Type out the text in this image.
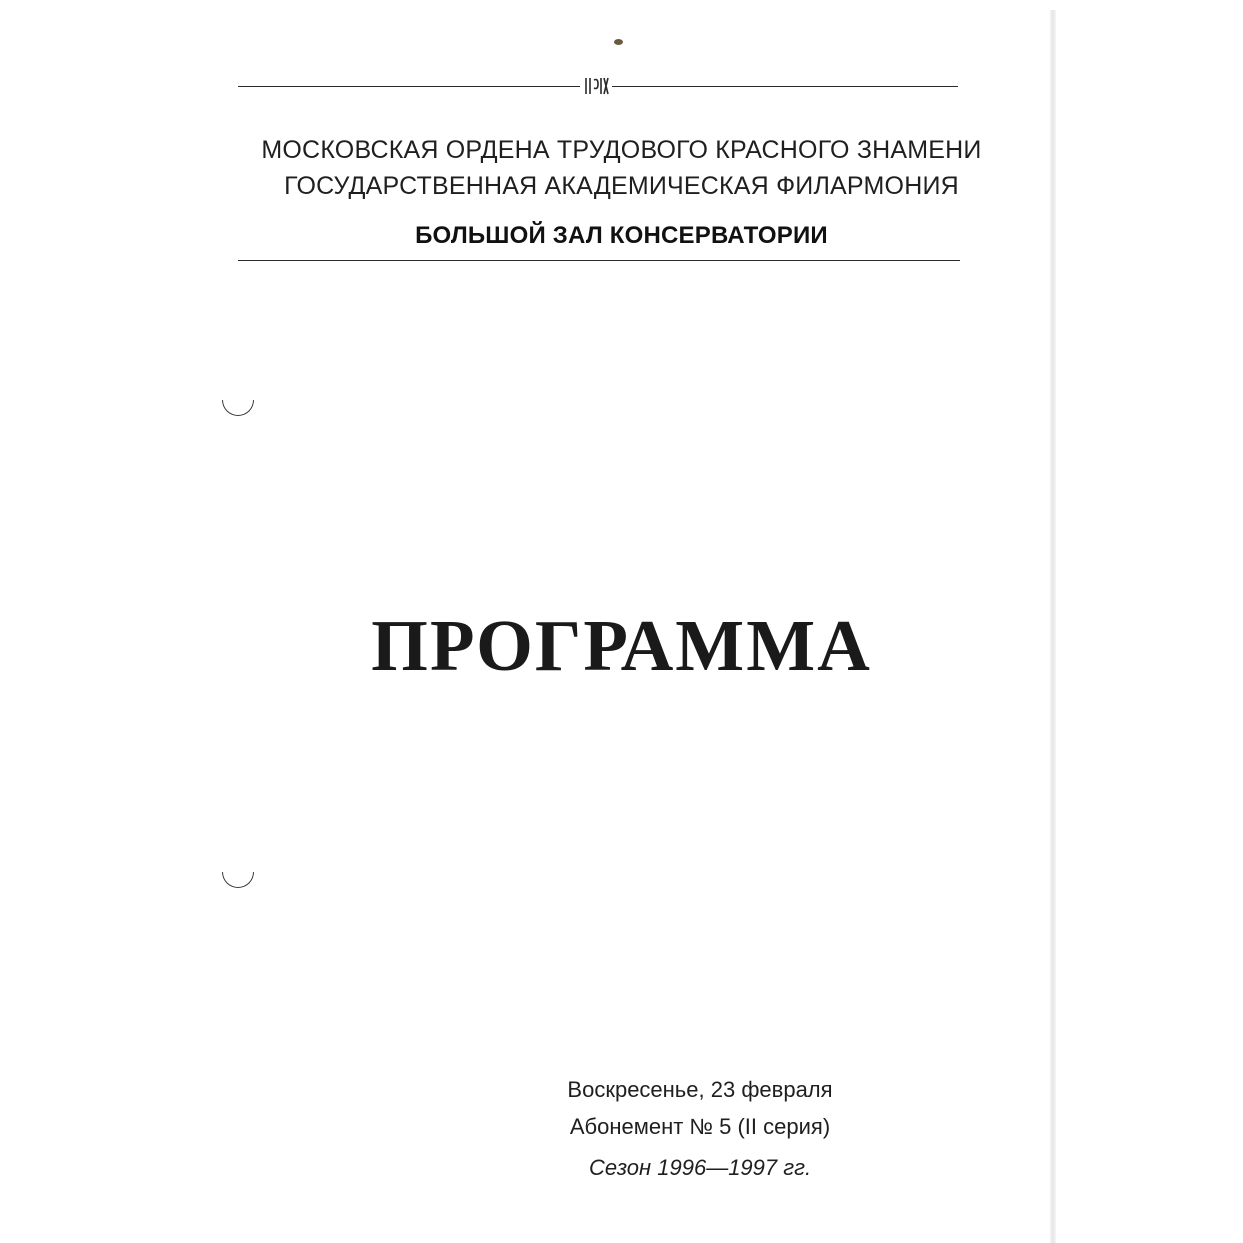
МОСКОВСКАЯ ОРДЕНА ТРУДОВОГО КРАСНОГО ЗНАМЕНИ
ГОСУДАРСТВЕННАЯ АКАДЕМИЧЕСКАЯ ФИЛАРМОНИЯ
БОЛЬШОЙ ЗАЛ КОНСЕРВАТОРИИ
ПРОГРАММА
Воскресенье, 23 февраля
Абонемент № 5 (II серия)
Сезон 1996—1997 гг.
